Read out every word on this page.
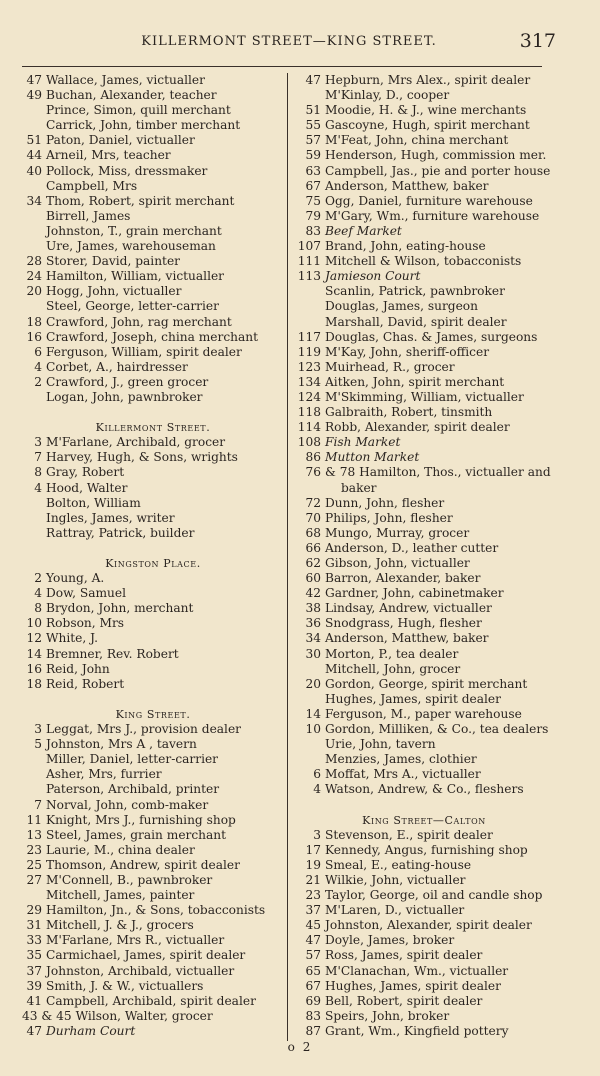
KILLERMONT STREET—KING STREET.	317
47 Wallace, James, victualler
49 Buchan, Alexander, teacher
Prince, Simon, quill merchant
Carrick, John, timber merchant
51 Paton, Daniel, victualler
44 Arneil, Mrs, teacher
40 Pollock, Miss, dressmaker
Campbell, Mrs
34 Thom, Robert, spirit merchant
Birrell, James
Johnston, T., grain merchant
Ure, James, warehouseman
28 Storer, David, painter
24 Hamilton, William, victualler
20 Hogg, John, victualler
Steel, George, letter-carrier
18 Crawford, John, rag merchant
16 Crawford, Joseph, china merchant
6 Ferguson, William, spirit dealer
4 Corbet, A., hairdresser
2 Crawford, J., green grocer
Logan, John, pawnbroker
Killermont Street.
3 M'Farlane, Archibald, grocer
7 Harvey, Hugh, & Sons, wrights
8 Gray, Robert
4 Hood, Walter
Bolton, William
Ingles, James, writer
Rattray, Patrick, builder
Kingston Place.
2 Young, A.
4 Dow, Samuel
8 Brydon, John, merchant
10 Robson, Mrs
12 White, J.
14 Bremner, Rev. Robert
16 Reid, John
18 Reid, Robert
King Street.
3 Leggat, Mrs J., provision dealer
5 Johnston, Mrs A , tavern
Miller, Daniel, letter-carrier
Asher, Mrs, furrier
Paterson, Archibald, printer
7 Norval, John, comb-maker
11 Knight, Mrs J., furnishing shop
13 Steel, James, grain merchant
23 Laurie, M., china dealer
25 Thomson, Andrew, spirit dealer
27 M'Connell, B., pawnbroker
Mitchell, James, painter
29 Hamilton, Jn., & Sons, tobacconists
31 Mitchell, J. & J., grocers
33 M'Farlane, Mrs R., victualler
35 Carmichael, James, spirit dealer
37 Johnston, Archibald, victualler
39 Smith, J. & W., victuallers
41 Campbell, Archibald, spirit dealer
43 & 45 Wilson, Walter, grocer
47 Durham Court
47 Hepburn, Mrs Alex., spirit dealer
M'Kinlay, D., cooper
51 Moodie, H. & J., wine merchants
55 Gascoyne, Hugh, spirit merchant
57 M'Feat, John, china merchant
59 Henderson, Hugh, commission mer.
63 Campbell, Jas., pie and porter house
67 Anderson, Matthew, baker
75 Ogg, Daniel, furniture warehouse
79 M'Gary, Wm., furniture warehouse
83 Beef Market
107 Brand, John, eating-house
111 Mitchell & Wilson, tobacconists
113 Jamieson Court
Scanlin, Patrick, pawnbroker
Douglas, James, surgeon
Marshall, David, spirit dealer
117 Douglas, Chas. & James, surgeons
119 M'Kay, John, sheriff-officer
123 Muirhead, R., grocer
134 Aitken, John, spirit merchant
124 M'Skimming, William, victualler
118 Galbraith, Robert, tinsmith
114 Robb, Alexander, spirit dealer
108 Fish Market
86 Mutton Market
76 & 78 Hamilton, Thos., victualler and
baker
72 Dunn, John, flesher
70 Philips, John, flesher
68 Mungo, Murray, grocer
66 Anderson, D., leather cutter
62 Gibson, John, victualler
60 Barron, Alexander, baker
42 Gardner, John, cabinetmaker
38 Lindsay, Andrew, victualler
36 Snodgrass, Hugh, flesher
34 Anderson, Matthew, baker
30 Morton, P., tea dealer
Mitchell, John, grocer
20 Gordon, George, spirit merchant
Hughes, James, spirit dealer
14 Ferguson, M., paper warehouse
10 Gordon, Milliken, & Co., tea dealers
Urie, John, tavern
Menzies, James, clothier
6 Moffat, Mrs A., victualler
4 Watson, Andrew, & Co., fleshers
King Street—Calton
3 Stevenson, E., spirit dealer
17 Kennedy, Angus, furnishing shop
19 Smeal, E., eating-house
21 Wilkie, John, victualler
23 Taylor, George, oil and candle shop
37 M'Laren, D., victualler
45 Johnston, Alexander, spirit dealer
47 Doyle, James, broker
57 Ross, James, spirit dealer
65 M'Clanachan, Wm., victualler
67 Hughes, James, spirit dealer
69 Bell, Robert, spirit dealer
83 Speirs, John, broker
87 Grant, Wm., Kingfield pottery
o 2
